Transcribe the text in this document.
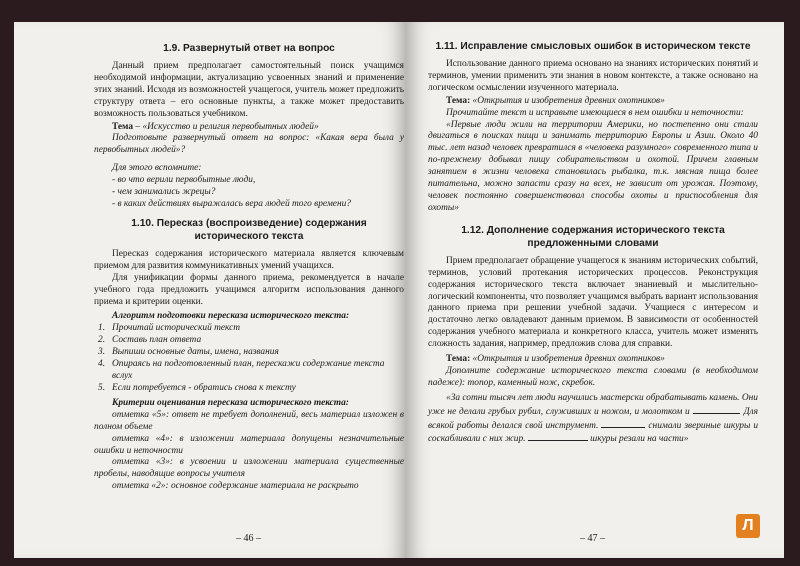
1.9. Развернутый ответ на вопрос

Данный прием предполагает самостоятельный поиск учащимся необходимой информации, актуализацию усвоенных знаний и применение этих знаний. Исходя из возможностей учащегося, учитель может предложить структуру ответа – его основные пункты, а также может предоставить возможность пользоваться учебником.

Тема – «Искусство и религия первобытных людей»

Подготовьте развернутый ответ на вопрос: «Какая вера была у первобытных людей»?

Для этого вспомните:

- во что верили первобытные люди,

- чем занимались жрецы?

- в каких действиях выражалась вера людей того времени?

1.10. Пересказ (воспроизведение) содержания исторического текста

Пересказ содержания исторического материала является ключевым приемом для развития коммуникативных умений учащихся.

Для унификации формы данного приема, рекомендуется в начале учебного года предложить учащимся алгоритм использования данного приема и критерии оценки.

Алгоритм подготовки пересказа исторического текста:
1. Прочитай исторический текст
2. Составь план ответа
3. Выпиши основные даты, имена, названия
4. Опираясь на подготовленный план, перескажи содержание текста вслух
5. Если потребуется - обратись снова к тексту
Критерии оценивания пересказа исторического текста:

отметка «5»: ответ не требует дополнений, весь материал изложен в полном объеме

отметка «4»: в изложении материала допущены незначительные ошибки и неточности

отметка «3»: в усвоении и изложении материала существенные пробелы, наводящие вопросы учителя

отметка «2»: основное содержание материала не раскрыто

– 46 –
1.11. Исправление смысловых ошибок в историческом тексте

Использование данного приема основано на знаниях исторических понятий и терминов, умении применить эти знания в новом контексте, а также основано на логическом осмыслении изученного материала.

Тема: «Открытия и изобретения древних охотников»

Прочитайте текст и исправьте имеющиеся в нем ошибки и неточности:

«Первые люди жили на территории Америки, но постепенно они стали двигаться в поисках пищи и занимать территорию Европы и Азии. Около 40 тыс. лет назад человек превратился в «человека разумного» современного типа и по-прежнему добывал пищу собирательством и охотой. Причем главным занятием в жизни человека становилась рыбалка, т.к. мясная пища более питательна, можно запасти сразу на всех, не зависит от урожая. Поэтому, человек постоянно совершенствовал способы охоты и приспособления для охоты»

1.12. Дополнение содержания исторического текста предложенными словами

Прием предполагает обращение учащегося к знаниям исторических событий, терминов, условий протекания исторических процессов. Реконструкция содержания исторического текста включает знаниевый и мыслительно-логический компоненты, что позволяет учащимся выбрать вариант использования данного приема при решении учебной задачи. Учащиеся с интересом и достаточно легко овладевают данным приемом. В зависимости от особенностей содержания учебного материала и конкретного класса, учитель может изменять сложность задания, например, предложив слова для справки.

Тема: «Открытия и изобретения древних охотников»

Дополните содержание исторического текста словами (в необходимом падеже): топор, каменный нож, скребок.

«За сотни тысяч лет люди научились мастерски обрабатывать камень. Они уже не делали грубых рубил, служивших и ножом, и молотком и	. Для всякой работы делался свой инструмент.	снимали звериные шкуры и соскабливали с них жир.	шкуры резали на части»

– 47 –
Л
